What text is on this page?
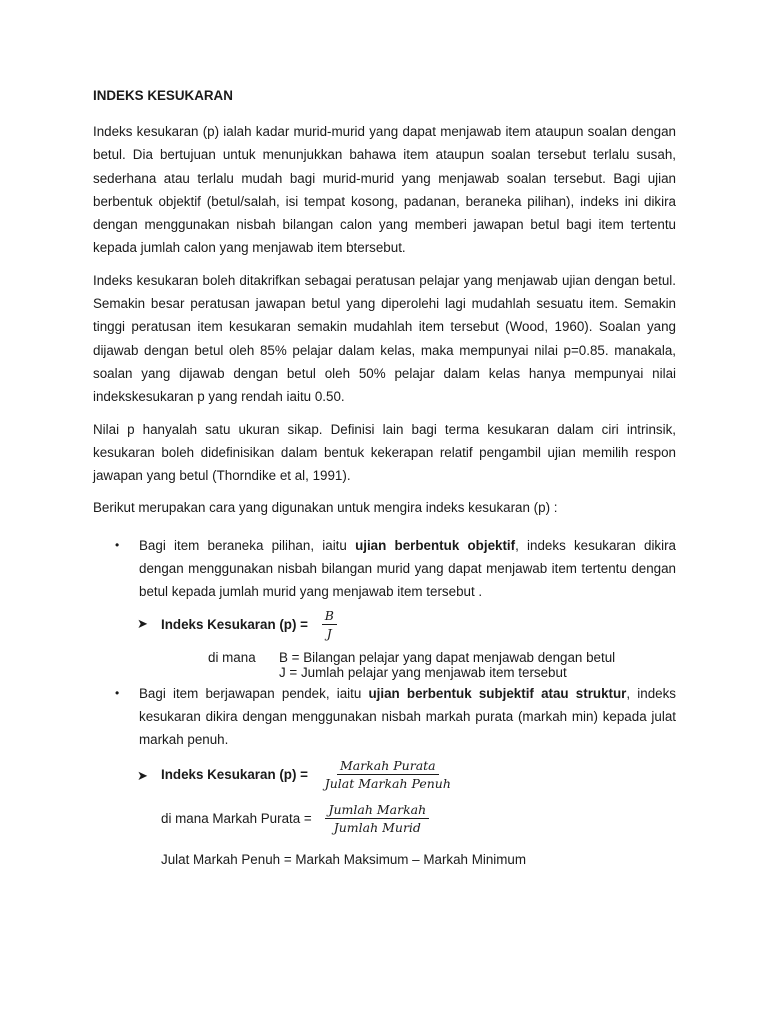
INDEKS KESUKARAN

Indeks kesukaran (p) ialah kadar murid-murid yang dapat menjawab item ataupun soalan dengan betul. Dia bertujuan untuk menunjukkan bahawa item ataupun soalan tersebut terlalu susah, sederhana atau terlalu mudah bagi murid-murid yang menjawab soalan tersebut. Bagi ujian berbentuk objektif (betul/salah, isi tempat kosong, padanan, beraneka pilihan), indeks ini dikira dengan menggunakan nisbah bilangan calon yang memberi jawapan betul bagi item tertentu kepada jumlah calon yang menjawab item btersebut.

Indeks kesukaran boleh ditakrifkan sebagai peratusan pelajar yang menjawab ujian dengan betul. Semakin besar peratusan jawapan betul yang diperolehi lagi mudahlah sesuatu item. Semakin tinggi peratusan item kesukaran semakin mudahlah item tersebut (Wood, 1960). Soalan yang dijawab dengan betul oleh 85% pelajar dalam kelas, maka mempunyai nilai p=0.85. manakala, soalan yang dijawab dengan betul oleh 50% pelajar dalam kelas hanya mempunyai nilai indekskesukaran p yang rendah iaitu 0.50.

Nilai p hanyalah satu ukuran sikap. Definisi lain bagi terma kesukaran dalam ciri intrinsik, kesukaran boleh didefinisikan dalam bentuk kekerapan relatif pengambil ujian memilih respon jawapan yang betul (Thorndike et al, 1991).

Berikut merupakan cara yang digunakan untuk mengira indeks kesukaran (p) :

• Bagi item beraneka pilihan, iaitu ujian berbentuk objektif, indeks kesukaran dikira dengan menggunakan nisbah bilangan murid yang dapat menjawab item tertentu dengan betul kepada jumlah murid yang menjawab item tersebut .

➤ Indeks Kesukaran $(p) = \frac{B}{J}$
di mana B = Bilangan pelajar yang dapat menjawab dengan betul
J = Jumlah pelajar yang menjawab item tersebut
• Bagi item berjawapan pendek, iaitu ujian berbentuk subjektif atau struktur, indeks kesukaran dikira dengan menggunakan nisbah markah purata (markah min) kepada julat markah penuh.

➤ Indeks Kesukaran $(p) = \frac{\text{Markah Purata}}{\text{Julat Markah Penuh}}$
di mana Markah Purata = $\frac{\text{Jumlah Markah}}{\text{Jumlah Murid}}$
Julat Markah Penuh = Markah Maksimum – Markah Minimum
